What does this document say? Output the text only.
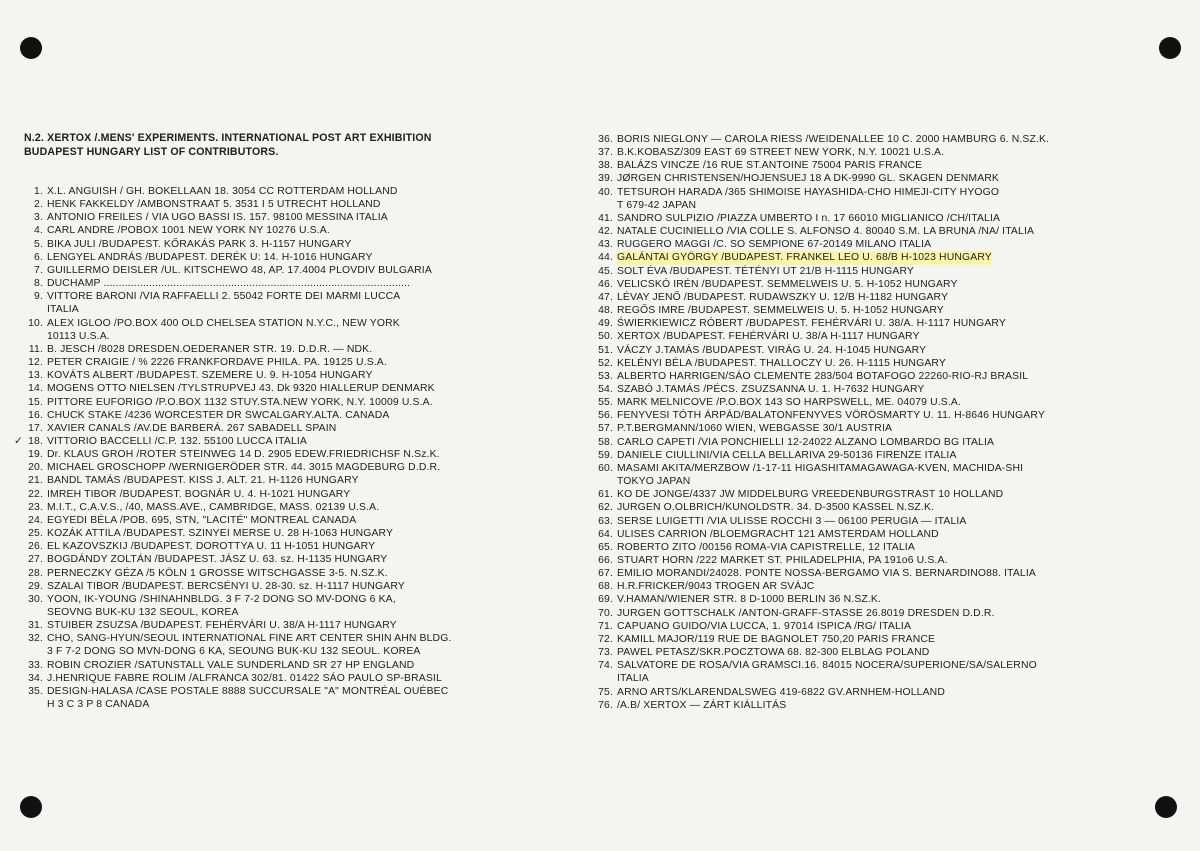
N.2. XERTOX /.MENS' EXPERIMENTS. INTERNATIONAL POST ART EXHIBITION
BUDAPEST HUNGARY LIST OF CONTRIBUTORS.
1. X.L. ANGUISH / GH. BOKELLAAN 18. 3054 CC ROTTERDAM HOLLAND
2. HENK FAKKELDY /AMBONSTRAAT 5. 3531 I 5 UTRECHT HOLLAND
3. ANTONIO FREILES / VIA UGO BASSI IS. 157. 98100 MESSINA ITALIA
4. CARL ANDRE /POBOX 1001 NEW YORK NY 10276 U.S.A.
5. BIKA JULI /BUDAPEST. KŐRAKÁS PARK 3. H-1157 HUNGARY
6. LENGYEL ANDRÁS /BUDAPEST. DERÉK U: 14. H-1016 HUNGARY
7. GUILLERMO DEISLER /UL. KITSCHEWO 48, AP. 17.4004 PLOVDIV BULGARIA
8. DUCHAMP .....................................................................................................
9. VITTORE BARONI /VIA RAFFAELLI 2. 55042 FORTE DEI MARMI LUCCA
ITALIA
10. ALEX IGLOO /PO.BOX 400 OLD CHELSEA STATION N.Y.C., NEW YORK
10113 U.S.A.
11. B. JESCH /8028 DRESDEN.OEDERANER STR. 19. D.D.R. — NDK.
12. PETER CRAIGIE / % 2226 FRANKFORDAVE PHILA. PA. 19125 U.S.A.
13. KOVÁTS ALBERT /BUDAPEST. SZEMERE U. 9. H-1054 HUNGARY
14. MOGENS OTTO NIELSEN /TYLSTRUPVEJ 43. Dk 9320 HIALLERUP DENMARK
15. PITTORE EUFORIGO /P.O.BOX 1132 STUY.STA.NEW YORK, N.Y. 10009 U.S.A.
16. CHUCK STAKE /4236 WORCESTER DR SWCALGARY.ALTA. CANADA
17. XAVIER CANALS /AV.DE BARBERÁ. 267 SABADELL SPAIN
18.
✓ VITTORIO BACCELLI /C.P. 132. 55100 LUCCA ITALIA
19. Dr. KLAUS GROH /ROTER STEINWEG 14 D. 2905 EDEW.FRIEDRICHSF N.Sz.K.
20. MICHAEL GROSCHOPP /WERNIGERÖDER STR. 44. 3015 MAGDEBURG D.D.R.
21. BANDL TAMÁS /BUDAPEST. KISS J. ALT. 21. H-1126 HUNGARY
22. IMREH TIBOR /BUDAPEST. BOGNÁR U. 4. H-1021 HUNGARY
23. M.I.T., C.A.V.S., /40, MASS.AVE., CAMBRIDGE, MASS. 02139 U.S.A.
24. EGYEDI BÉLA /POB. 695, STN, "LACITÉ" MONTREAL CANADA
25. KOZÁK ATTILA /BUDAPEST. SZINYEI MERSE U. 28 H-1063 HUNGARY
26. EL KAZOVSZKIJ /BUDAPEST. DOROTTYA U. 11 H-1051 HUNGARY
27. BOGDÁNDY ZOLTÁN /BUDAPEST. JÁSZ U. 63. sz. H-1135 HUNGARY
28. PERNECZKY GÉZA /5 KÖLN 1 GROSSE WITSCHGASSE 3-5. N.SZ.K.
29. SZALAI TIBOR /BUDAPEST. BERCSÉNYI U. 28-30. sz. H-1117 HUNGARY
30. YOON, IK-YOUNG /SHINAHNBLDG. 3 F 7-2 DONG SO MV-DONG 6 KA,
SEOVNG BUK-KU 132 SEOUL, KOREA
31. STUIBER ZSUZSA /BUDAPEST. FEHÉRVÁRI U. 38/A H-1117 HUNGARY
32. CHO, SANG-HYUN/SEOUL INTERNATIONAL FINE ART CENTER SHIN AHN BLDG.
3 F 7-2 DONG SO MVN-DONG 6 KA, SEOUNG BUK-KU 132 SEOUL. KOREA
33. ROBIN CROZIER /SATUNSTALL VALE SUNDERLAND SR 27 HP ENGLAND
34. J.HENRIQUE FABRE ROLIM /ALFRANCA 302/81. 01422 SÁO PAULO SP-BRASIL
35. DESIGN-HALASA /CASE POSTALE 8888 SUCCURSALE "A" MONTRÉAL OUÉBEC
H 3 C 3 P 8 CANADA
36. BORIS NIEGLONY — CAROLA RIESS /WEIDENALLEE 10 C. 2000 HAMBURG 6. N.SZ.K.
37. B.K.KOBASZ/309 EAST 69 STREET NEW YORK, N.Y. 10021 U.S.A.
38. BALÁZS VINCZE /16 RUE ST.ANTOINE 75004 PARIS FRANCE
39. JØRGEN CHRISTENSEN/HOJENSUEJ 18 A DK-9990 GL. SKAGEN DENMARK
40. TETSUROH HARADA /365 SHIMOISE HAYASHIDA-CHO HIMEJI-CITY HYOGO
T 679-42 JAPAN
41. SANDRO SULPIZIO /PIAZZA UMBERTO I n. 17 66010 MIGLIANICO /CH/ITALIA
42. NATALE CUCINIELLO /VIA COLLE S. ALFONSO 4. 80040 S.M. LA BRUNA /NA/ ITALIA
43. RUGGERO MAGGI /C. SO SEMPIONE 67-20149 MILANO ITALIA
44. GALÁNTAI GYÖRGY /BUDAPEST. FRANKEL LEO U. 68/B H-1023 HUNGARY
45. SOLT ÉVA /BUDAPEST. TÉTÉNYI UT 21/B H-1115 HUNGARY
46. VELICSKÓ IRÉN /BUDAPEST. SEMMELWEIS U. 5. H-1052 HUNGARY
47. LÉVAY JENŐ /BUDAPEST. RUDAWSZKY U. 12/B H-1182 HUNGARY
48. REGŐS IMRE /BUDAPEST. SEMMELWEIS U. 5. H-1052 HUNGARY
49. ŚWIERKIEWICZ RÓBERT /BUDAPEST. FEHÉRVÁRI U. 38/A. H-1117 HUNGARY
50. XERTOX /BUDAPEST. FEHÉRVÁRI U. 38/A H-1117 HUNGARY
51. VÁCZY J.TAMÁS /BUDAPEST. VIRÁG U. 24. H-1045 HUNGARY
52. KELÉNYI BÉLA /BUDAPEST. THALLOCZY U. 26. H-1115 HUNGARY
53. ALBERTO HARRIGEN/SÁO CLEMENTE 283/504 BOTAFOGO 22260-RIO-RJ BRASIL
54. SZABÓ J.TAMÁS /PÉCS. ZSUZSANNA U. 1. H-7632 HUNGARY
55. MARK MELNICOVE /P.O.BOX 143 SO HARPSWELL, ME. 04079 U.S.A.
56. FENYVESI TÓTH ÁRPÁD/BALATONFENYVES VÖRÖSMARTY U. 11. H-8646 HUNGARY
57. P.T.BERGMANN/1060 WIEN, WEBGASSE 30/1 AUSTRIA
58. CARLO CAPETI /VIA PONCHIELLI 12-24022 ALZANO LOMBARDO BG ITALIA
59. DANIELE CIULLINI/VIA CELLA BELLARIVA 29-50136 FIRENZE ITALIA
60. MASAMI AKITA/MERZBOW /1-17-11 HIGASHITAMAGAWAGA-KVEN, MACHIDA-SHI
TOKYO JAPAN
61. KO DE JONGE/4337 JW MIDDELBURG VREEDENBURGSTRAST 10 HOLLAND
62. JURGEN O.OLBRICH/KUNOLDSTR. 34. D-3500 KASSEL N.SZ.K.
63. SERSE LUIGETTI /VIA ULISSE ROCCHI 3 — 06100 PERUGIA — ITALIA
64. ULISES CARRION /BLOEMGRACHT 121 AMSTERDAM HOLLAND
65. ROBERTO ZITO /00156 ROMA-VIA CAPISTRELLE, 12 ITALIA
66. STUART HORN /222 MARKET ST. PHILADELPHIA, PA 191o6 U.S.A.
67. EMILIO MORANDI/24028. PONTE NOSSA-BERGAMO VIA S. BERNARDINO88. ITALIA
68. H.R.FRICKER/9043 TROGEN AR SVÁJC
69. V.HAMAN/WIENER STR. 8 D-1000 BERLIN 36 N.SZ.K.
70. JURGEN GOTTSCHALK /ANTON-GRAFF-STASSE 26.8019 DRESDEN D.D.R.
71. CAPUANO GUIDO/VIA LUCCA, 1. 97014 ISPICA /RG/ ITALIA
72. KAMILL MAJOR/119 RUE DE BAGNOLET 750,20 PARIS FRANCE
73. PAWEL PETASZ/SKR.POCZTOWA 68. 82-300 ELBLAG POLAND
74. SALVATORE DE ROSA/VIA GRAMSCI.16. 84015 NOCERA/SUPERIONE/SA/SALERNO
ITALIA
75. ARNO ARTS/KLARENDALSWEG 419-6822 GV.ARNHEM-HOLLAND
76. /A.B/ XERTOX — ZÁRT KIÁLLITÁS
